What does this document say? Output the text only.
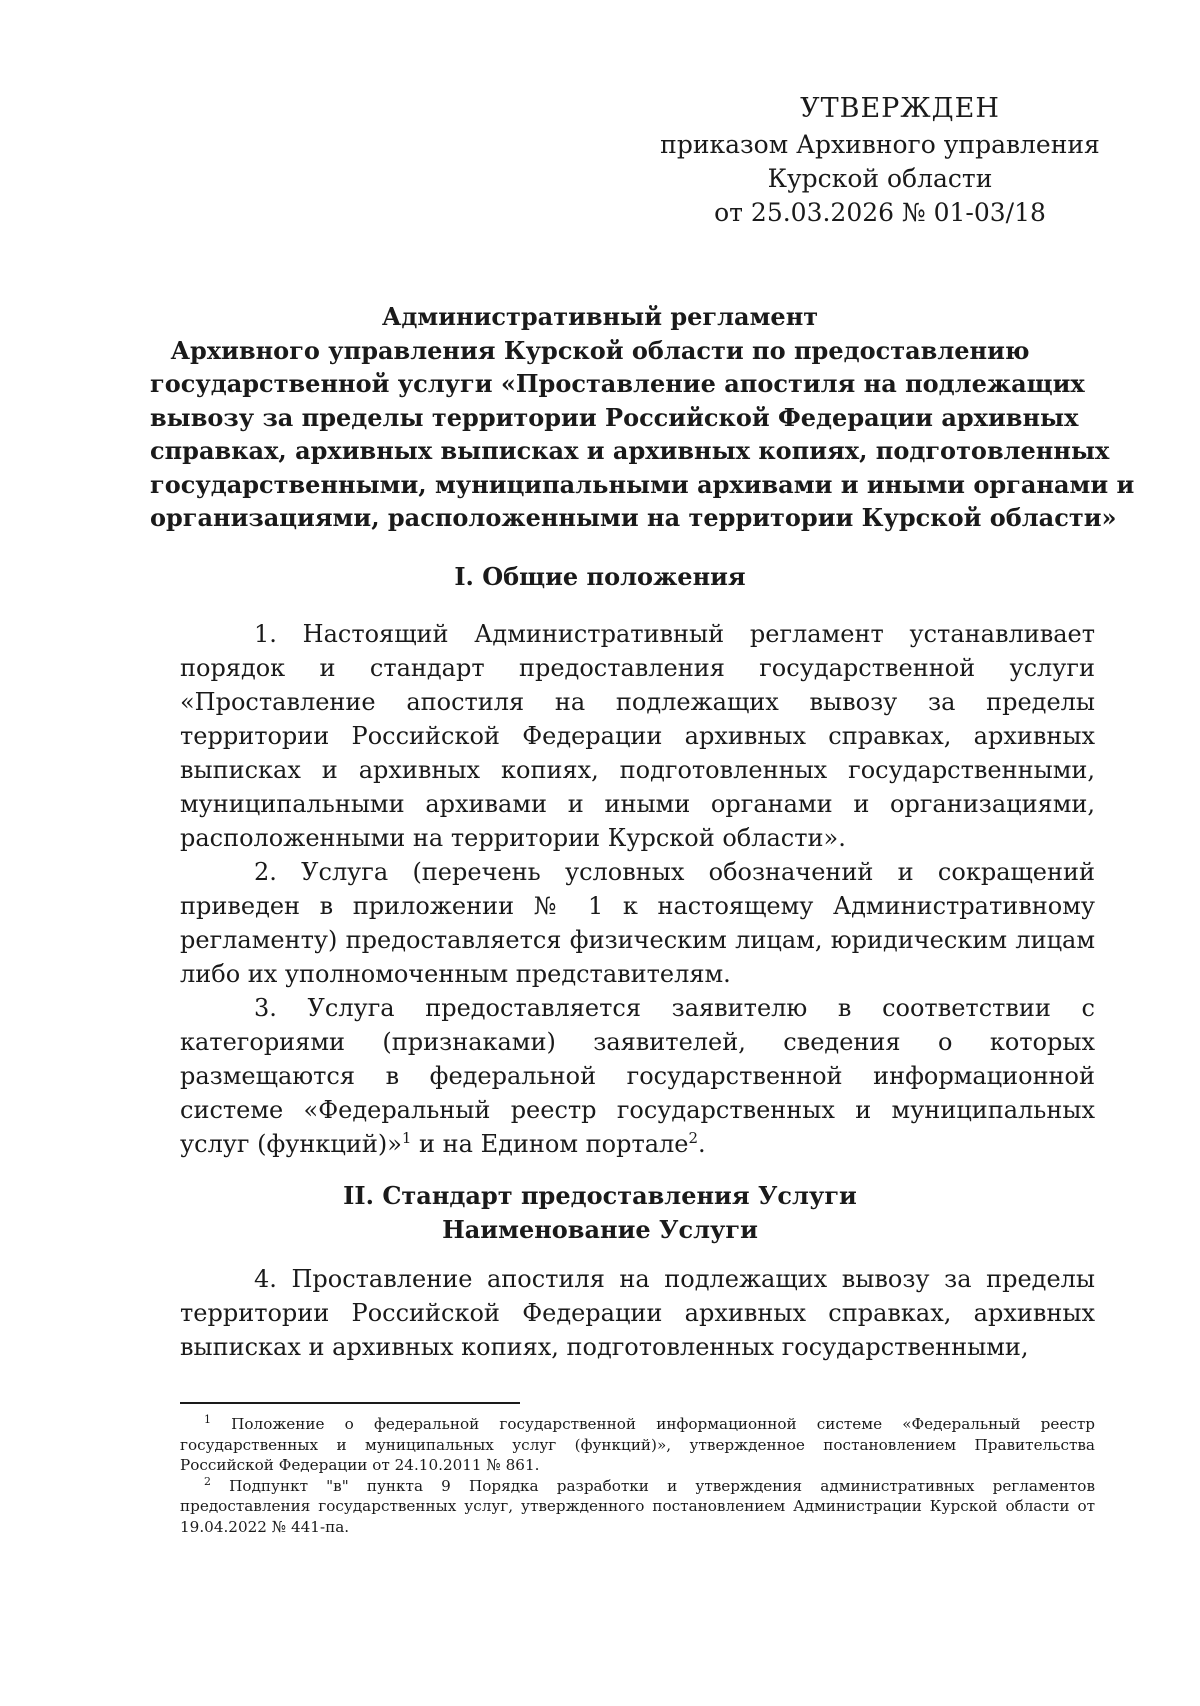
УТВЕРЖДЕН
приказом Архивного управления
Курской области
от 25.03.2026 № 01-03/18
Административный регламент
Архивного управления Курской области по предоставлению
государственной услуги «Проставление апостиля на подлежащих
вывозу за пределы территории Российской Федерации архивных
справках, архивных выписках и архивных копиях, подготовленных
государственными, муниципальными архивами и иными органами и
организациями, расположенными на территории Курской области»
I. Общие положения

1. Настоящий Административный регламент устанавливает порядок и стандарт предоставления государственной услуги «Проставление апостиля на подлежащих вывозу за пределы территории Российской Федерации архивных справках, архивных выписках и архивных копиях, подготовленных государственными, муниципальными архивами и иными органами и организациями, расположенными на территории Курской области».

2. Услуга (перечень условных обозначений и сокращений приведен в приложении № 1 к настоящему Административному регламенту) предоставляется физическим лицам, юридическим лицам либо их уполномоченным представителям.

3. Услуга предоставляется заявителю в соответствии с категориями (признаками) заявителей, сведения о которых размещаются в федеральной государственной информационной системе «Федеральный реестр государственных и муниципальных услуг (функций)»$^1$ и на Едином портале$^2$.

II. Стандарт предоставления Услуги
Наименование Услуги

4. Проставление апостиля на подлежащих вывозу за пределы территории Российской Федерации архивных справках, архивных выписках и архивных копиях, подготовленных государственными,

$^1$ Положение о федеральной государственной информационной системе «Федеральный реестр государственных и муниципальных услуг (функций)», утвержденное постановлением Правительства Российской Федерации от 24.10.2011 № 861.

$^2$ Подпункт "в" пункта 9 Порядка разработки и утверждения административных регламентов предоставления государственных услуг, утвержденного постановлением Администрации Курской области от 19.04.2022 № 441-па.
